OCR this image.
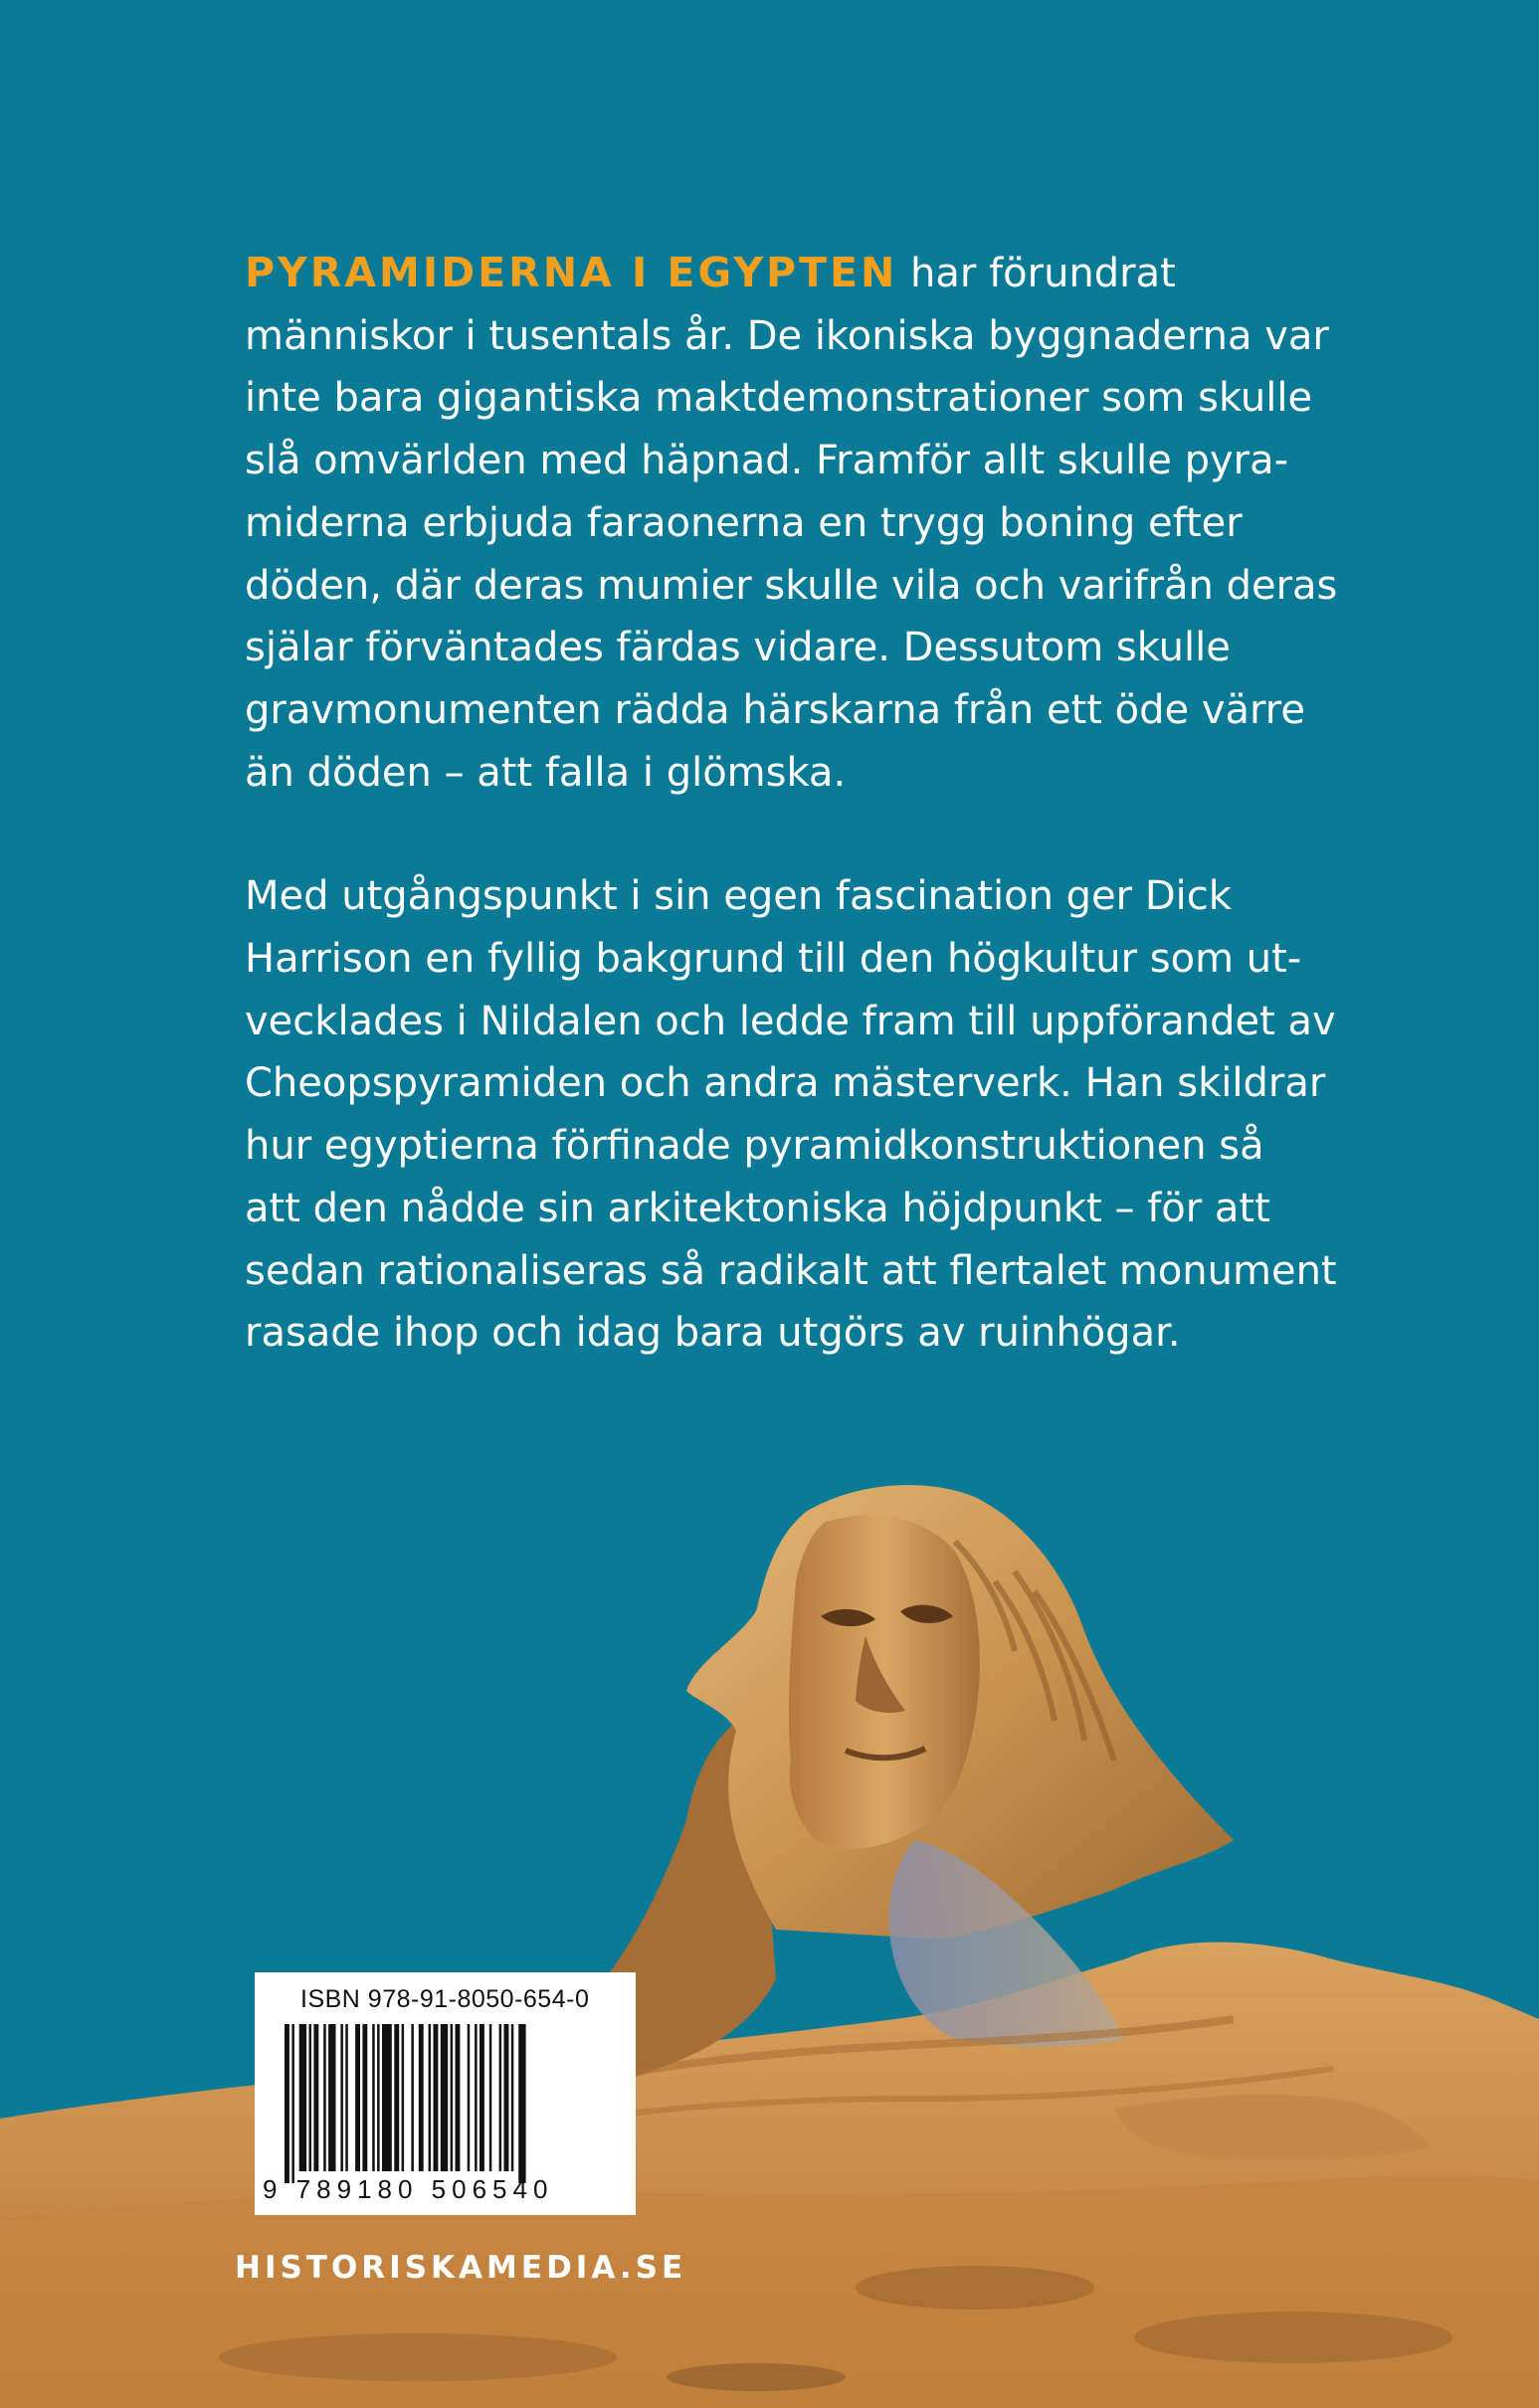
PYRAMIDERNA I EGYPTEN har förundrat
människor i tusentals år. De ikoniska byggnaderna var
inte bara gigantiska maktdemonstrationer som skulle
slå omvärlden med häpnad. Framför allt skulle pyra-
miderna erbjuda faraonerna en trygg boning efter
döden, där deras mumier skulle vila och varifrån deras
själar förväntades färdas vidare. Dessutom skulle
gravmonumenten rädda härskarna från ett öde värre
än döden – att falla i glömska.

Med utgångspunkt i sin egen fascination ger Dick
Harrison en fyllig bakgrund till den högkultur som ut-
vecklades i Nildalen och ledde fram till uppförandet av
Cheopspyramiden och andra mästerverk. Han skildrar
hur egyptierna förfinade pyramidkonstruktionen så
att den nådde sin arkitektoniska höjdpunkt – för att
sedan rationaliseras så radikalt att flertalet monument
rasade ihop och idag bara utgörs av ruinhögar.

ISBN 978-91-8050-654-0
9 789180 506540
HISTORISKAMEDIA.SE
